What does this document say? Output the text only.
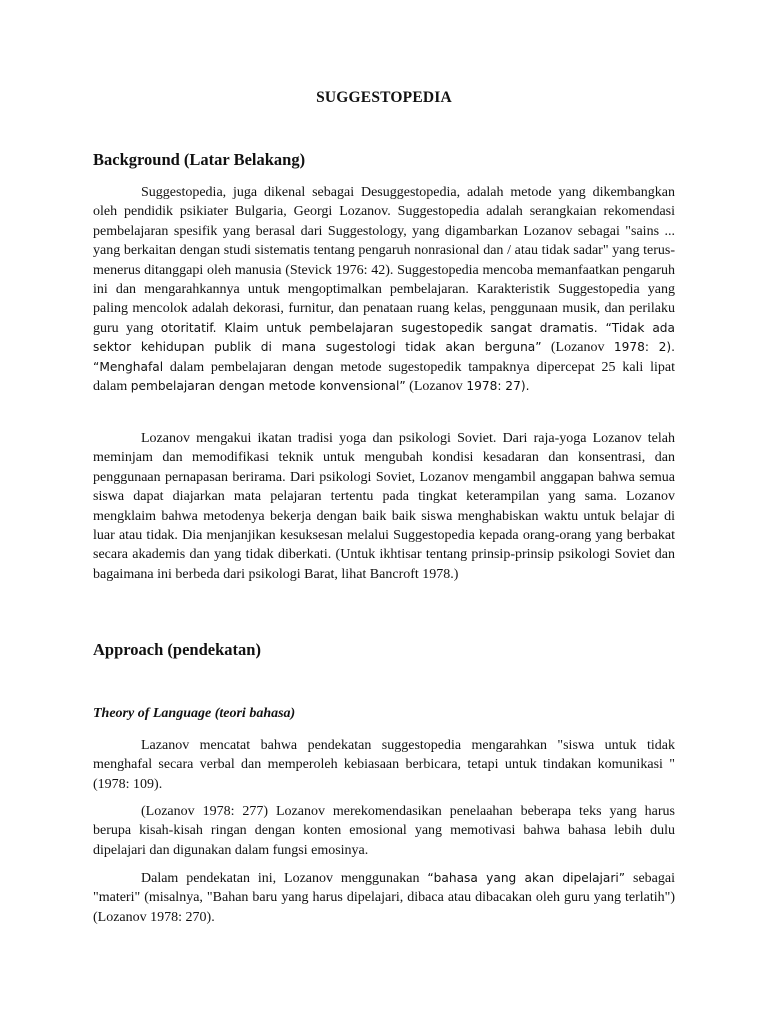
SUGGESTOPEDIA
Background (Latar Belakang)

Suggestopedia, juga dikenal sebagai Desuggestopedia, adalah metode yang dikembangkan oleh pendidik psikiater Bulgaria, Georgi Lozanov. Suggestopedia adalah serangkaian rekomendasi pembelajaran spesifik yang berasal dari Suggestology, yang digambarkan Lozanov sebagai "sains ... yang berkaitan dengan studi sistematis tentang pengaruh nonrasional dan / atau tidak sadar" yang terus-menerus ditanggapi oleh manusia (Stevick 1976: 42). Suggestopedia mencoba memanfaatkan pengaruh ini dan mengarahkannya untuk mengoptimalkan pembelajaran. Karakteristik Suggestopedia yang paling mencolok adalah dekorasi, furnitur, dan penataan ruang kelas, penggunaan musik, dan perilaku guru yang otoritatif. Klaim untuk pembelajaran sugestopedik sangat dramatis. “Tidak ada sektor kehidupan publik di mana sugestologi tidak akan berguna” (Lozanov 1978: 2). “Menghafal dalam pembelajaran dengan metode sugestopedik tampaknya dipercepat 25 kali lipat dalam pembelajaran dengan metode konvensional” (Lozanov 1978: 27).

Lozanov mengakui ikatan tradisi yoga dan psikologi Soviet. Dari raja-yoga Lozanov telah meminjam dan memodifikasi teknik untuk mengubah kondisi kesadaran dan konsentrasi, dan penggunaan pernapasan berirama. Dari psikologi Soviet, Lozanov mengambil anggapan bahwa semua siswa dapat diajarkan mata pelajaran tertentu pada tingkat keterampilan yang sama. Lozanov mengklaim bahwa metodenya bekerja dengan baik baik siswa menghabiskan waktu untuk belajar di luar atau tidak. Dia menjanjikan kesuksesan melalui Suggestopedia kepada orang-orang yang berbakat secara akademis dan yang tidak diberkati. (Untuk ikhtisar tentang prinsip-prinsip psikologi Soviet dan bagaimana ini berbeda dari psikologi Barat, lihat Bancroft 1978.)

Approach (pendekatan)
Theory of Language (teori bahasa)

Lazanov mencatat bahwa pendekatan suggestopedia mengarahkan "siswa untuk tidak menghafal secara verbal dan memperoleh kebiasaan berbicara, tetapi untuk tindakan komunikasi " (1978: 109).

(Lozanov 1978: 277) Lozanov merekomendasikan penelaahan beberapa teks yang harus berupa kisah-kisah ringan dengan konten emosional yang memotivasi bahwa bahasa lebih dulu dipelajari dan digunakan dalam fungsi emosinya.

Dalam pendekatan ini, Lozanov menggunakan “bahasa yang akan dipelajari” sebagai "materi" (misalnya, "Bahan baru yang harus dipelajari, dibaca atau dibacakan oleh guru yang terlatih") (Lozanov 1978: 270).
